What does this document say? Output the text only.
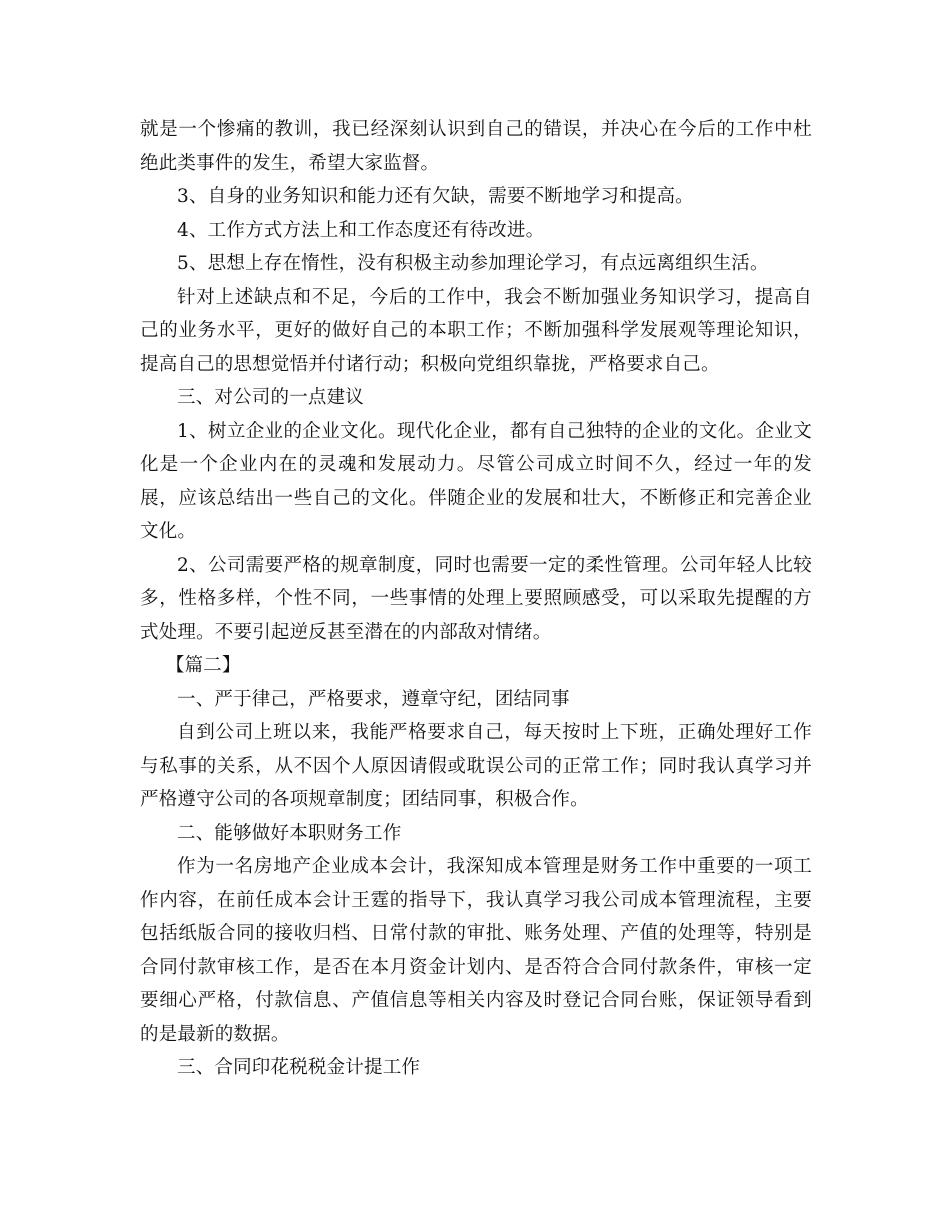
就是一个惨痛的教训，我已经深刻认识到自己的错误，并决心在今后的工作中杜绝此类事件的发生，希望大家监督。

3、自身的业务知识和能力还有欠缺，需要不断地学习和提高。

4、工作方式方法上和工作态度还有待改进。

5、思想上存在惰性，没有积极主动参加理论学习，有点远离组织生活。

针对上述缺点和不足，今后的工作中，我会不断加强业务知识学习，提高自己的业务水平，更好的做好自己的本职工作；不断加强科学发展观等理论知识，提高自己的思想觉悟并付诸行动；积极向党组织靠拢，严格要求自己。

三、对公司的一点建议

1、树立企业的企业文化。现代化企业，都有自己独特的企业的文化。企业文化是一个企业内在的灵魂和发展动力。尽管公司成立时间不久，经过一年的发展，应该总结出一些自己的文化。伴随企业的发展和壮大，不断修正和完善企业文化。

2、公司需要严格的规章制度，同时也需要一定的柔性管理。公司年轻人比较多，性格多样，个性不同，一些事情的处理上要照顾感受，可以采取先提醒的方式处理。不要引起逆反甚至潜在的内部敌对情绪。

【篇二】

一、严于律己，严格要求，遵章守纪，团结同事

自到公司上班以来，我能严格要求自己，每天按时上下班，正确处理好工作与私事的关系，从不因个人原因请假或耽误公司的正常工作；同时我认真学习并严格遵守公司的各项规章制度；团结同事，积极合作。

二、能够做好本职财务工作

作为一名房地产企业成本会计，我深知成本管理是财务工作中重要的一项工作内容，在前任成本会计王霆的指导下，我认真学习我公司成本管理流程，主要包括纸版合同的接收归档、日常付款的审批、账务处理、产值的处理等，特别是合同付款审核工作，是否在本月资金计划内、是否符合合同付款条件，审核一定要细心严格，付款信息、产值信息等相关内容及时登记合同台账，保证领导看到的是最新的数据。

三、合同印花税税金计提工作
